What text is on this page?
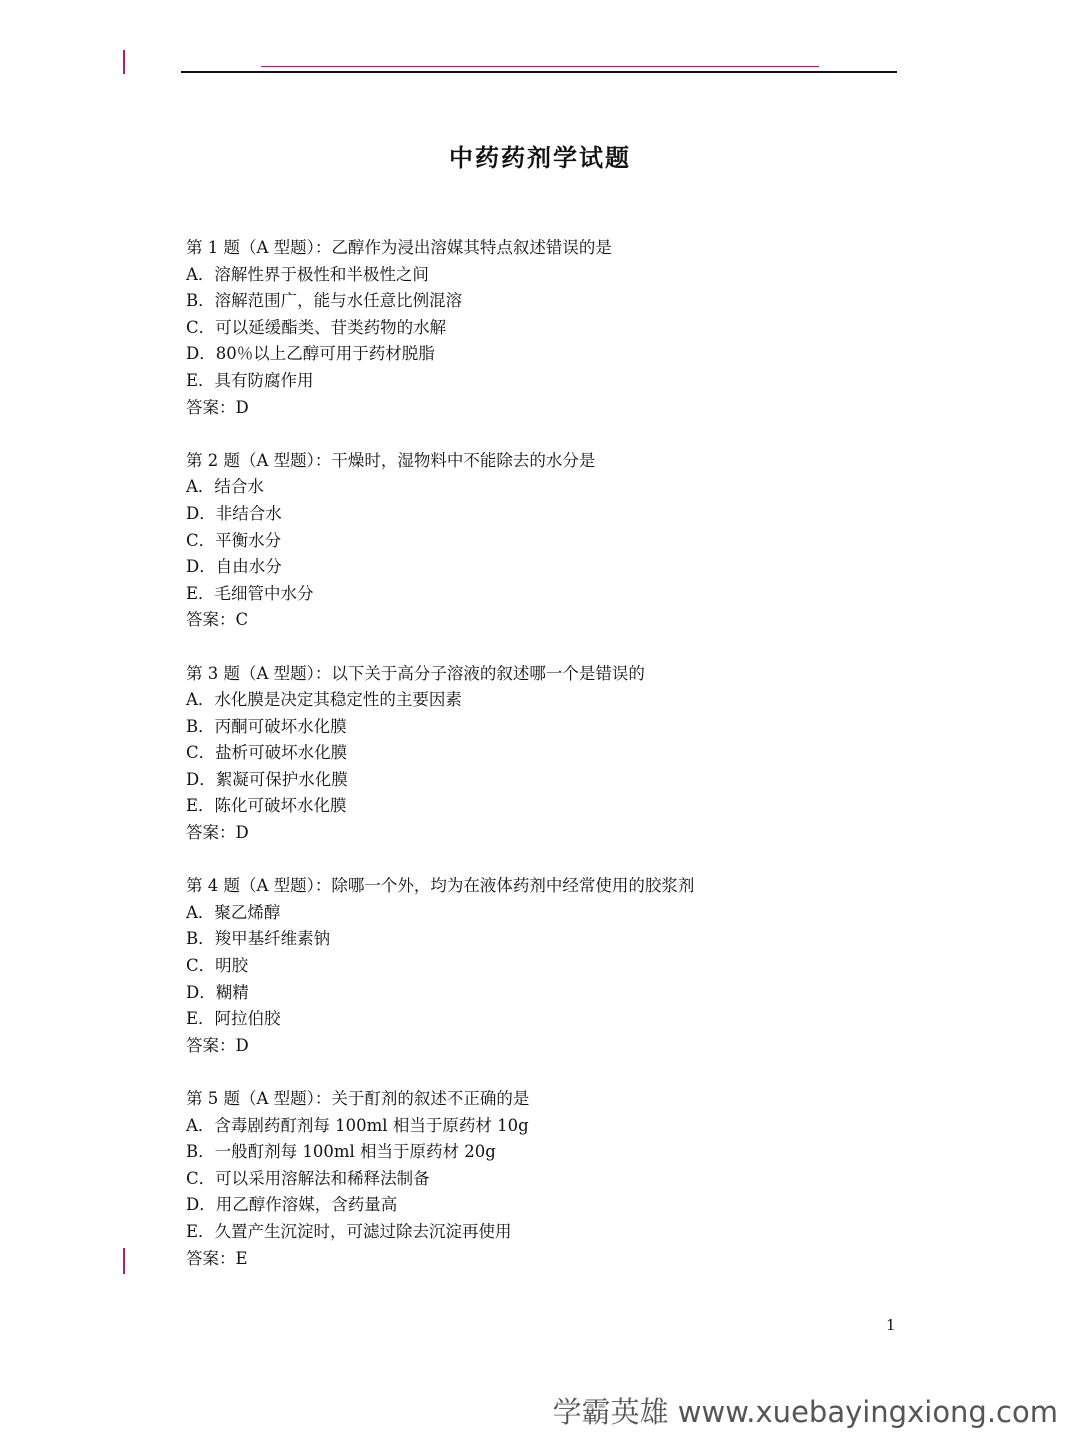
中药药剂学试题
第 1 题（A 型题）：乙醇作为浸出溶媒其特点叙述错误的是
A．溶解性界于极性和半极性之间
B．溶解范围广，能与水任意比例混溶
C．可以延缓酯类、苷类药物的水解
D．80％以上乙醇可用于药材脱脂
E．具有防腐作用
答案：D
第 2 题（A 型题）：干燥时，湿物料中不能除去的水分是
A．结合水
D．非结合水
C．平衡水分
D．自由水分
E．毛细管中水分
答案：C
第 3 题（A 型题）：以下关于高分子溶液的叙述哪一个是错误的
A．水化膜是决定其稳定性的主要因素
B．丙酮可破坏水化膜
C．盐析可破坏水化膜
D．絮凝可保护水化膜
E．陈化可破坏水化膜
答案：D
第 4 题（A 型题）：除哪一个外，均为在液体药剂中经常使用的胶浆剂
A．聚乙烯醇
B．羧甲基纤维素钠
C．明胶
D．糊精
E．阿拉伯胶
答案：D
第 5 题（A 型题）：关于酊剂的叙述不正确的是
A．含毒剧药酊剂每 100ml 相当于原药材 10g
B．一般酊剂每 100ml 相当于原药材 20g
C．可以采用溶解法和稀释法制备
D．用乙醇作溶媒，含药量高
E．久置产生沉淀时，可滤过除去沉淀再使用
答案：E
1
学霸英雄 www.xuebayingxiong.com
